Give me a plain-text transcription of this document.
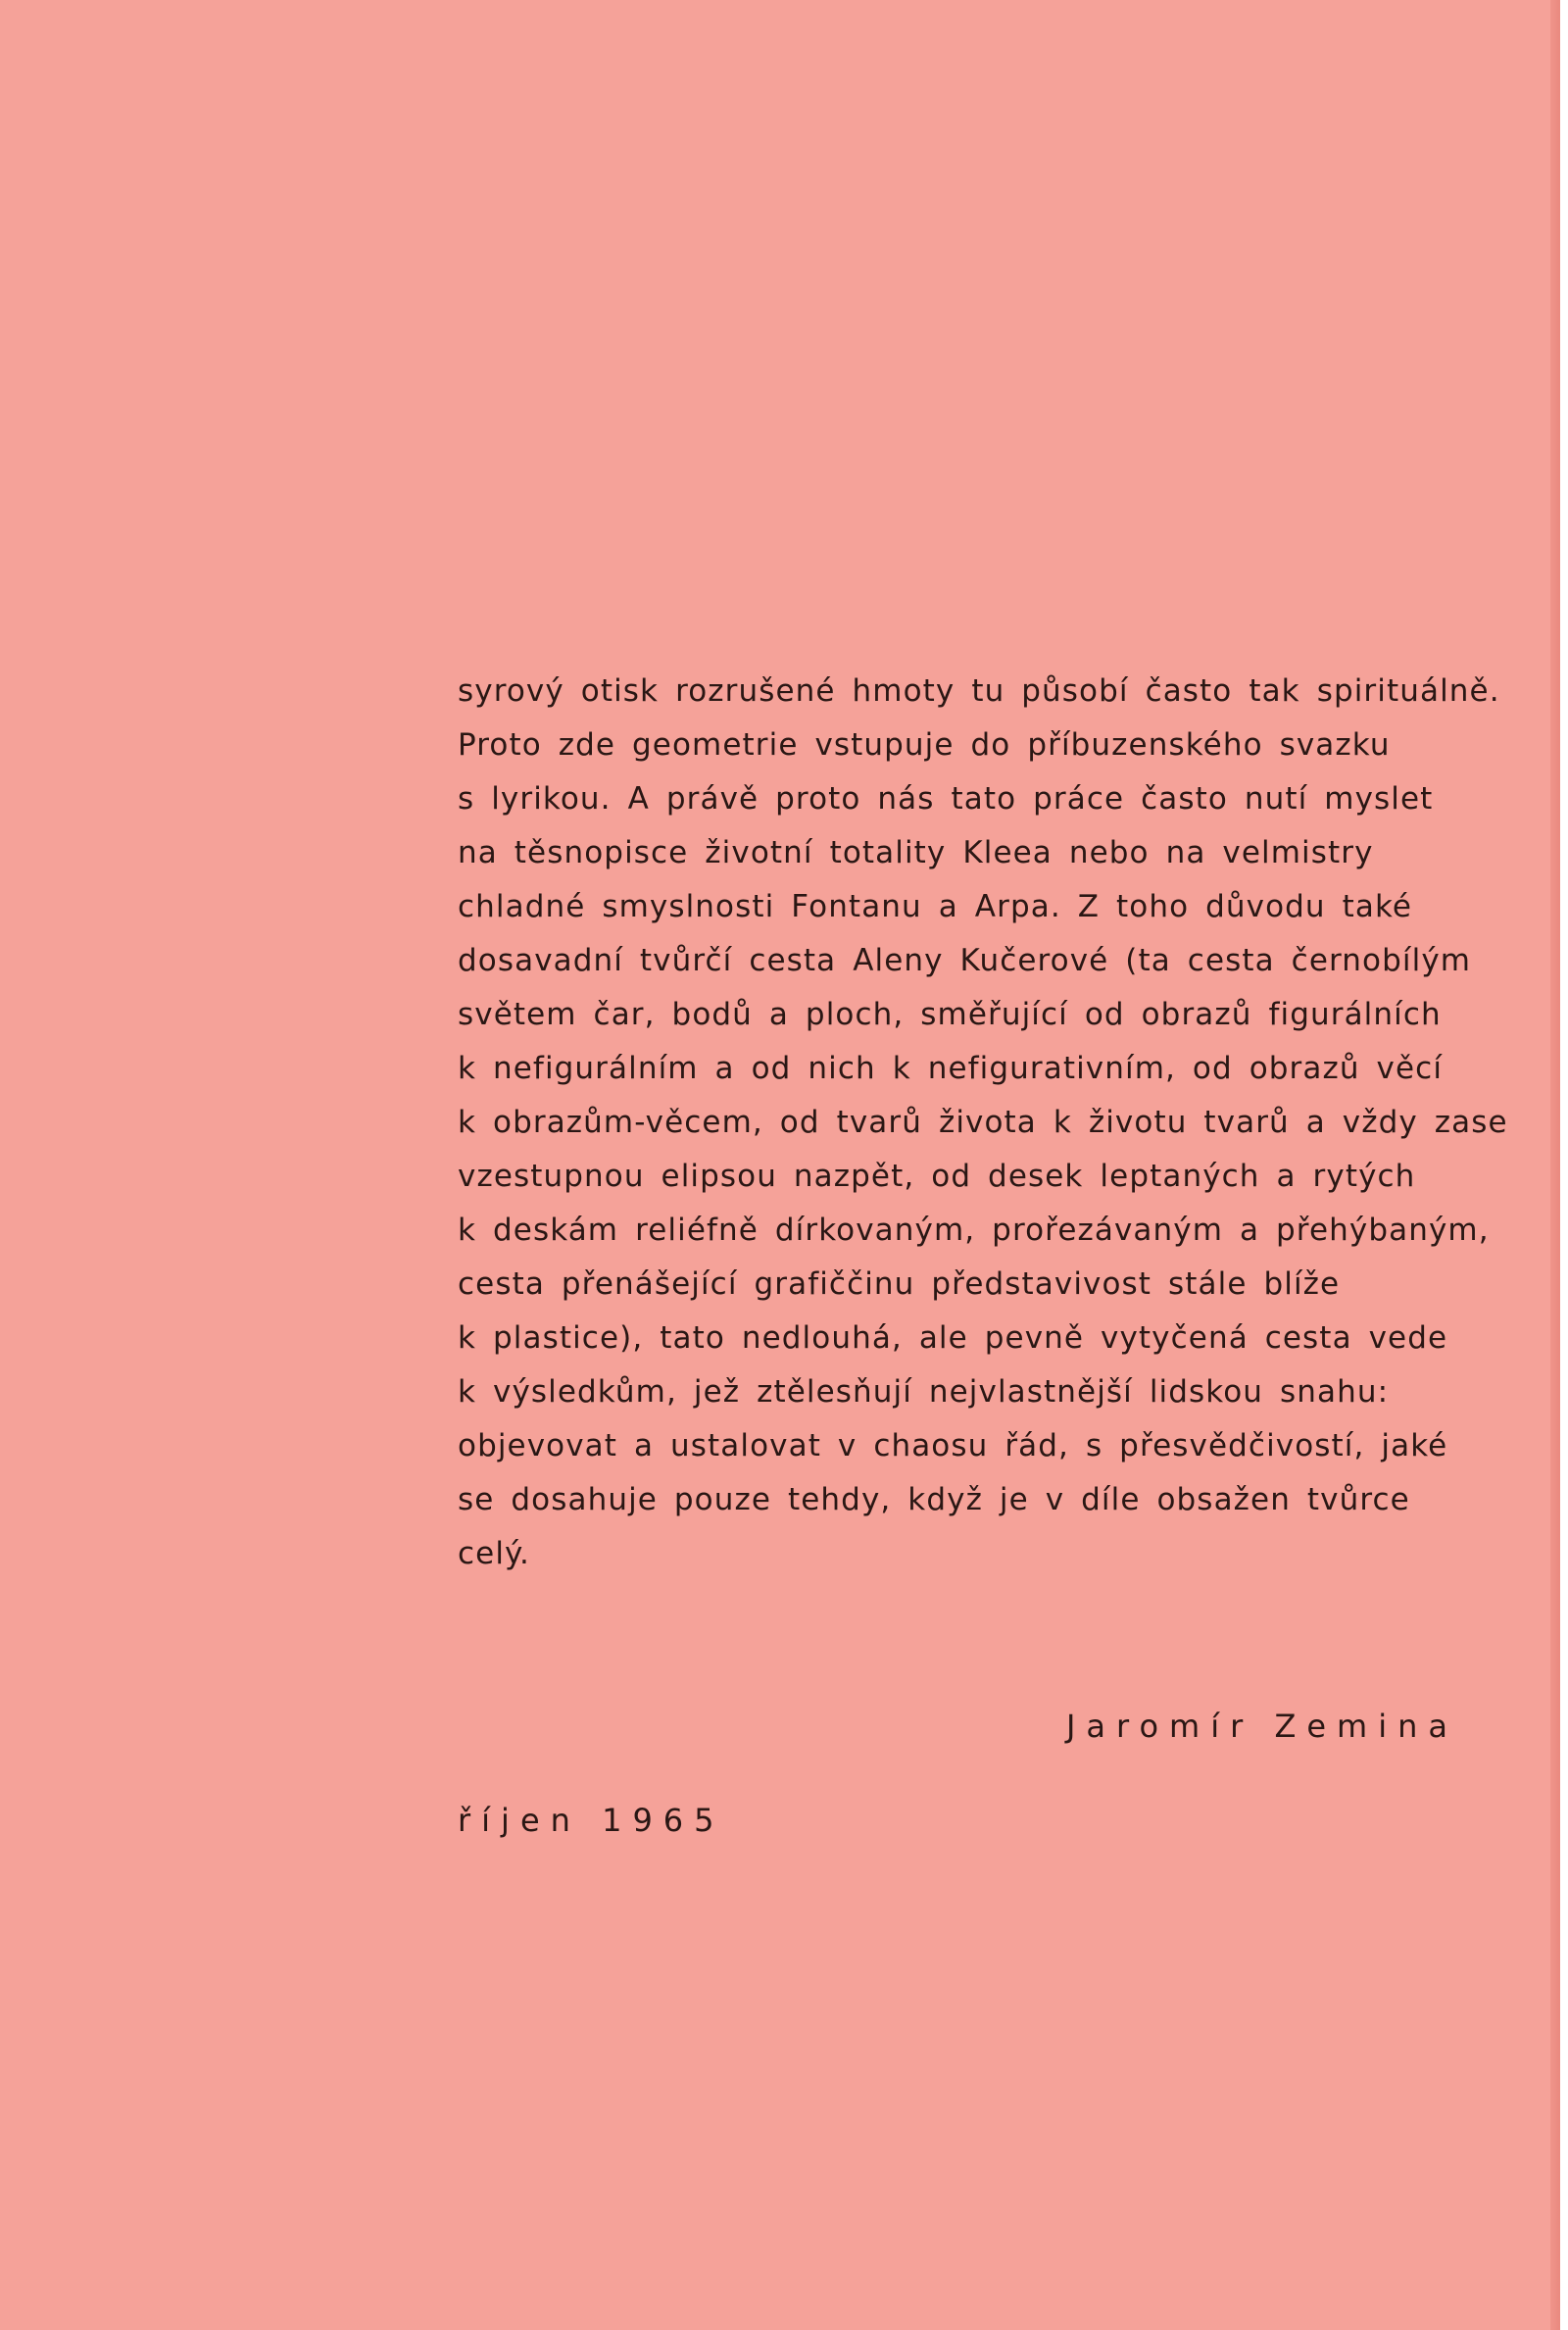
syrový otisk rozrušené hmoty tu působí často tak spirituálně.
Proto zde geometrie vstupuje do příbuzenského svazku
s lyrikou. A právě proto nás tato práce často nutí myslet
na těsnopisce životní totality Kleea nebo na velmistry
chladné smyslnosti Fontanu a Arpa. Z toho důvodu také
dosavadní tvůrčí cesta Aleny Kučerové (ta cesta černobílým
světem čar, bodů a ploch, směřující od obrazů figurálních
k nefigurálním a od nich k nefigurativním, od obrazů věcí
k obrazům-věcem, od tvarů života k životu tvarů a vždy zase
vzestupnou elipsou nazpět, od desek leptaných a rytých
k deskám reliéfně dírkovaným, prořezávaným a přehýbaným,
cesta přenášející grafiččinu představivost stále blíže
k plastice), tato nedlouhá, ale pevně vytyčená cesta vede
k výsledkům, jež ztělesňují nejvlastnější lidskou snahu:
objevovat a ustalovat v chaosu řád, s přesvědčivostí, jaké
se dosahuje pouze tehdy, když je v díle obsažen tvůrce
celý.
Jaromír Zemina
říjen 1965
